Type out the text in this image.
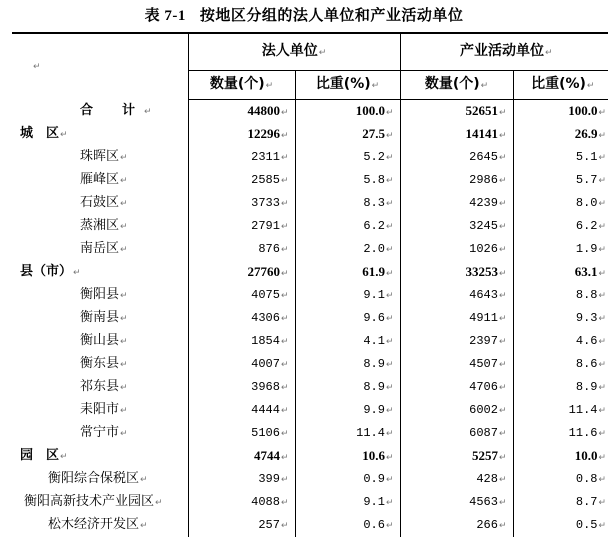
表 7-1 按地区分组的法人单位和产业活动单位
↵	法人单位↵		产业活动单位↵	
	数量(个)↵	比重(%)↵	数量(个)↵	比重(%)↵
合　计↵	44800↵	100.0↵	52651↵	100.0↵
城　区↵	12296↵	27.5↵	14141↵	26.9↵
珠晖区↵	2311↵	5.2↵	2645↵	5.1↵
雁峰区↵	2585↵	5.8↵	2986↵	5.7↵
石鼓区↵	3733↵	8.3↵	4239↵	8.0↵
蒸湘区↵	2791↵	6.2↵	3245↵	6.2↵
南岳区↵	876↵	2.0↵	1026↵	1.9↵
县（市）↵	27760↵	61.9↵	33253↵	63.1↵
衡阳县↵	4075↵	9.1↵	4643↵	8.8↵
衡南县↵	4306↵	9.6↵	4911↵	9.3↵
衡山县↵	1854↵	4.1↵	2397↵	4.6↵
衡东县↵	4007↵	8.9↵	4507↵	8.6↵
祁东县↵	3968↵	8.9↵	4706↵	8.9↵
耒阳市↵	4444↵	9.9↵	6002↵	11.4↵
常宁市↵	5106↵	11.4↵	6087↵	11.6↵
园　区↵	4744↵	10.6↵	5257↵	10.0↵
衡阳综合保税区↵	399↵	0.9↵	428↵	0.8↵
衡阳高新技术产业园区↵	4088↵	9.1↵	4563↵	8.7↵
松木经济开发区↵	257↵	0.6↵	266↵	0.5↵
